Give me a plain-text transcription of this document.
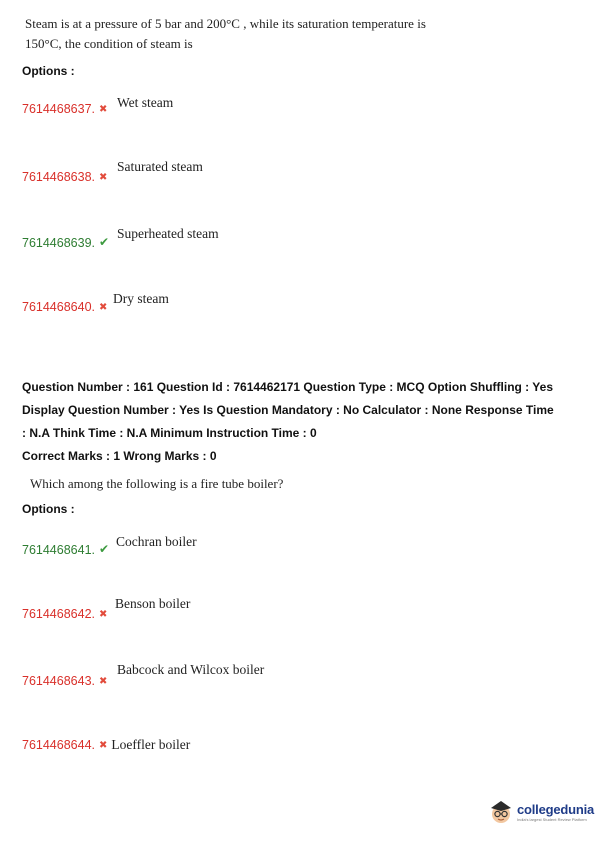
Steam is at a pressure of 5 bar and 200°C , while its saturation temperature is
150°C, the condition of steam is
Options :
7614468637. ✖ Wet steam
7614468638. ✖
Saturated steam
7614468639. ✔
Superheated steam
7614468640. ✖
Dry steam
Question Number : 161 Question Id : 7614462171 Question Type : MCQ Option Shuffling : Yes
Display Question Number : Yes Is Question Mandatory : No Calculator : None Response Time
: N.A Think Time : N.A Minimum Instruction Time : 0
Correct Marks : 1 Wrong Marks : 0
Which among the following is a fire tube boiler?
Options :
7614468641. ✔ Cochran boiler
7614468642. ✖
Benson boiler
7614468643. ✖
Babcock and Wilcox boiler
7614468644. ✖ Loeffler boiler
collegedunia
India's largest Student Review Platform
